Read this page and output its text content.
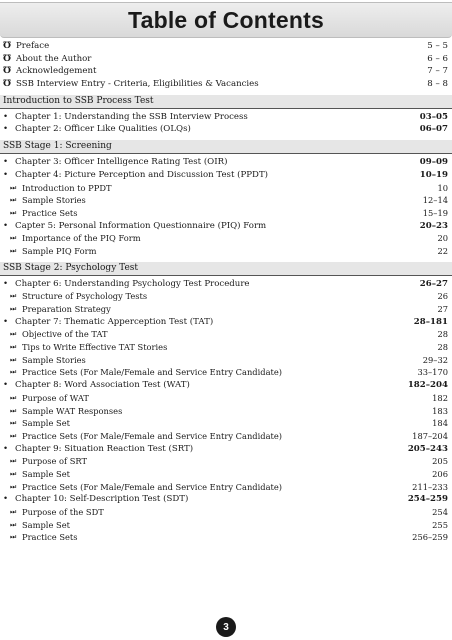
Table of Contents
℧ Preface	5 – 5
℧ About the Author	6 – 6
℧ Acknowledgement	7 – 7
℧ SSB Interview Entry - Criteria, Eligibilities & Vacancies	8 – 8
Introduction to SSB Process Test
• Chapter 1: Understanding the SSB Interview Process	03–05
• Chapter 2: Officer Like Qualities (OLQs)	06–07
SSB Stage 1: Screening
• Chapter 3: Officer Intelligence Rating Test (OIR)	09–09
• Chapter 4: Picture Perception and Discussion Test (PPDT)	10–19
⏭ Introduction to PPDT	10
⏭ Sample Stories	12–14
⏭ Practice Sets	15–19
• Capter 5: Personal Information Questionnaire (PIQ) Form	20–23
⏭ Importance of the PIQ Form	20
⏭ Sample PIQ Form	22
SSB Stage 2: Psychology Test
• Chapter 6: Understanding Psychology Test Procedure	26–27
⏭ Structure of Psychology Tests	26
⏭ Preparation Strategy	27
• Chapter 7: Thematic Apperception Test (TAT)	28–181
⏭ Objective of the TAT	28
⏭ Tips to Write Effective TAT Stories	28
⏭ Sample Stories	29–32
⏭ Practice Sets (For Male/Female and Service Entry Candidate)	33–170
• Chapter 8: Word Association Test (WAT)	182–204
⏭ Purpose of WAT	182
⏭ Sample WAT Responses	183
⏭ Sample Set	184
⏭ Practice Sets (For Male/Female and Service Entry Candidate)	187–204
• Chapter 9: Situation Reaction Test (SRT)	205–243
⏭ Purpose of SRT	205
⏭ Sample Set	206
⏭ Practice Sets (For Male/Female and Service Entry Candidate)	211–233
• Chapter 10: Self-Description Test (SDT)	254–259
⏭ Purpose of the SDT	254
⏭ Sample Set	255
⏭ Practice Sets	256–259
3
